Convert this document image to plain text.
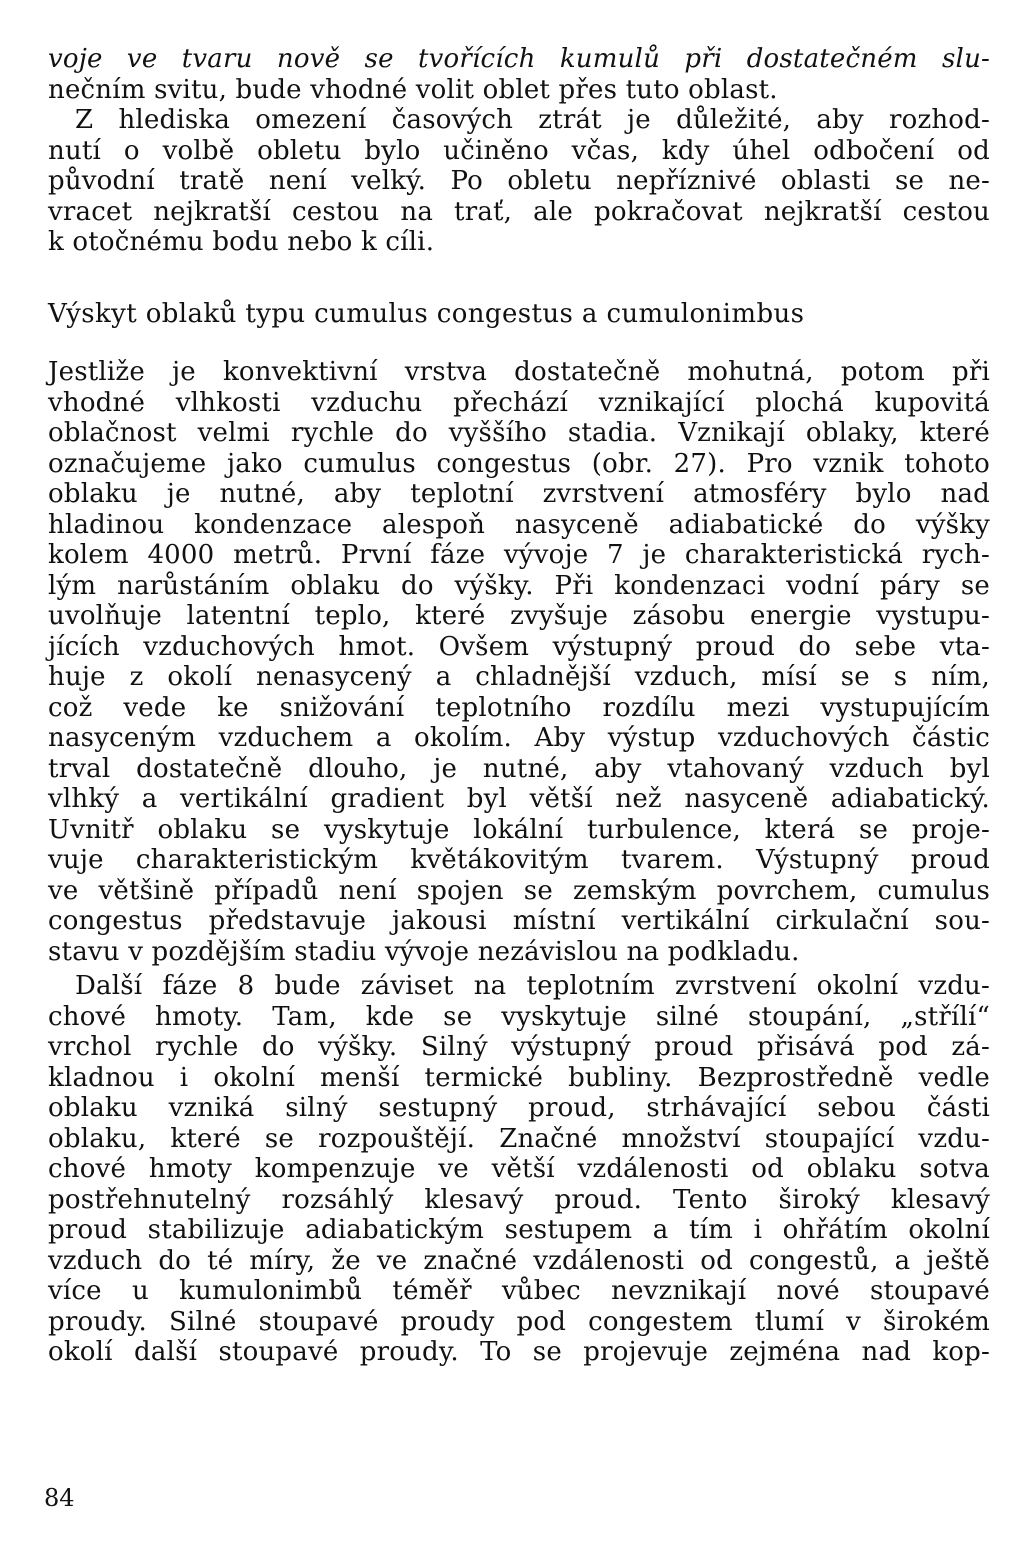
voje ve tvaru nově se tvořících kumulů při dostatečném slu-
nečním svitu, bude vhodné volit oblet přes tuto oblast.
Z hlediska omezení časových ztrát je důležité, aby rozhod-
nutí o volbě obletu bylo učiněno včas, kdy úhel odbočení od
původní tratě není velký. Po obletu nepříznivé oblasti se ne-
vracet nejkratší cestou na trať, ale pokračovat nejkratší cestou
k otočnému bodu nebo k cíli.
Výskyt oblaků typu cumulus congestus a cumulonimbus
Jestliže je konvektivní vrstva dostatečně mohutná, potom při
vhodné vlhkosti vzduchu přechází vznikající plochá kupovitá
oblačnost velmi rychle do vyššího stadia. Vznikají oblaky, které
označujeme jako cumulus congestus (obr. 27). Pro vznik tohoto
oblaku je nutné, aby teplotní zvrstvení atmosféry bylo nad
hladinou kondenzace alespoň nasyceně adiabatické do výšky
kolem 4000 metrů. První fáze vývoje 7 je charakteristická rych-
lým narůstáním oblaku do výšky. Při kondenzaci vodní páry se
uvolňuje latentní teplo, které zvyšuje zásobu energie vystupu-
jících vzduchových hmot. Ovšem výstupný proud do sebe vta-
huje z okolí nenasycený a chladnější vzduch, mísí se s ním,
což vede ke snižování teplotního rozdílu mezi vystupujícím
nasyceným vzduchem a okolím. Aby výstup vzduchových částic
trval dostatečně dlouho, je nutné, aby vtahovaný vzduch byl
vlhký a vertikální gradient byl větší než nasyceně adiabatický.
Uvnitř oblaku se vyskytuje lokální turbulence, která se proje-
vuje charakteristickým květákovitým tvarem. Výstupný proud
ve většině případů není spojen se zemským povrchem, cumulus
congestus představuje jakousi místní vertikální cirkulační sou-
stavu v pozdějším stadiu vývoje nezávislou na podkladu.
Další fáze 8 bude záviset na teplotním zvrstvení okolní vzdu-
chové hmoty. Tam, kde se vyskytuje silné stoupání, „střílí“
vrchol rychle do výšky. Silný výstupný proud přisává pod zá-
kladnou i okolní menší termické bubliny. Bezprostředně vedle
oblaku vzniká silný sestupný proud, strhávající sebou části
oblaku, které se rozpouštějí. Značné množství stoupající vzdu-
chové hmoty kompenzuje ve větší vzdálenosti od oblaku sotva
postřehnutelný rozsáhlý klesavý proud. Tento široký klesavý
proud stabilizuje adiabatickým sestupem a tím i ohřátím okolní
vzduch do té míry, že ve značné vzdálenosti od congestů, a ještě
více u kumulonimbů téměř vůbec nevznikají nové stoupavé
proudy. Silné stoupavé proudy pod congestem tlumí v širokém
okolí další stoupavé proudy. To se projevuje zejména nad kop-
84
